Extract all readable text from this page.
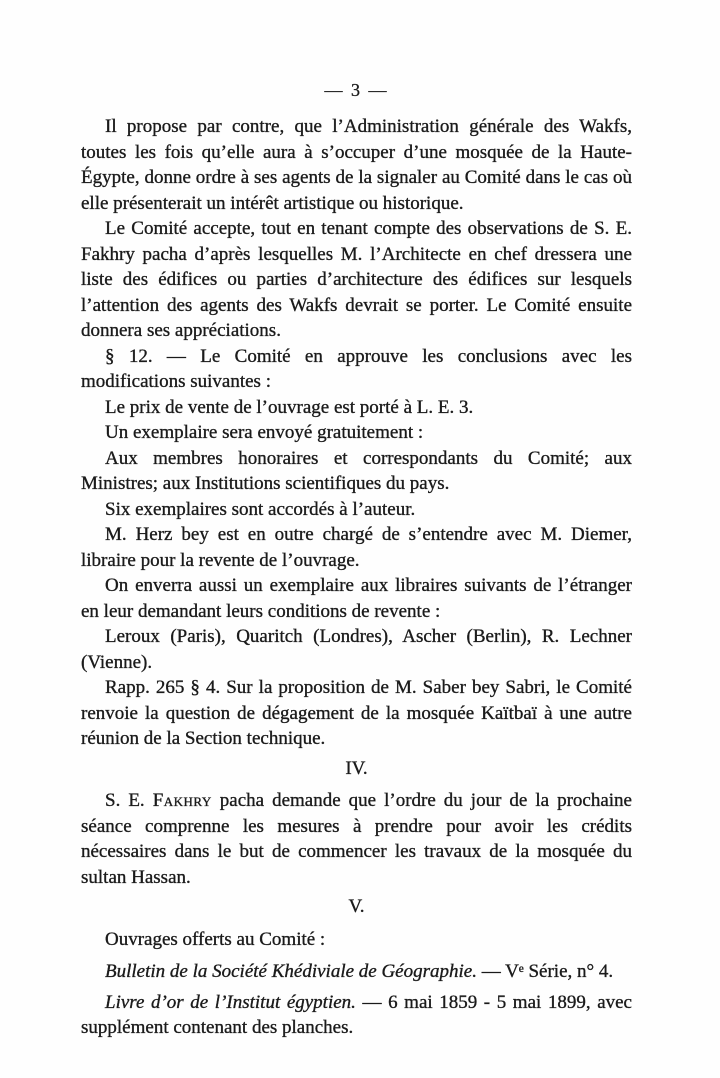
— 3 —

Il propose par contre, que l’Administration générale des Wakfs, toutes les fois qu’elle aura à s’occuper d’une mosquée de la Haute-Égypte, donne ordre à ses agents de la signaler au Comité dans le cas où elle présenterait un intérêt artistique ou historique.

Le Comité accepte, tout en tenant compte des observations de S. E. Fakhry pacha d’après lesquelles M. l’Architecte en chef dressera une liste des édifices ou parties d’architecture des édifices sur lesquels l’attention des agents des Wakfs devrait se porter. Le Comité ensuite donnera ses appréciations.

§ 12. — Le Comité en approuve les conclusions avec les modifications suivantes :

Le prix de vente de l’ouvrage est porté à L. E. 3.

Un exemplaire sera envoyé gratuitement :

Aux membres honoraires et correspondants du Comité; aux Ministres; aux Institutions scientifiques du pays.

Six exemplaires sont accordés à l’auteur.

M. Herz bey est en outre chargé de s’entendre avec M. Diemer, libraire pour la revente de l’ouvrage.

On enverra aussi un exemplaire aux libraires suivants de l’étranger en leur demandant leurs conditions de revente :

Leroux (Paris), Quaritch (Londres), Ascher (Berlin), R. Lechner (Vienne).

Rapp. 265 § 4. Sur la proposition de M. Saber bey Sabri, le Comité renvoie la question de dégagement de la mosquée Kaïtbaï à une autre réunion de la Section technique.

IV.

S. E. Fakhry pacha demande que l’ordre du jour de la prochaine séance comprenne les mesures à prendre pour avoir les crédits nécessaires dans le but de commencer les travaux de la mosquée du sultan Hassan.

V.

Ouvrages offerts au Comité :

Bulletin de la Société Khédiviale de Géographie. — Vᵉ Série, n° 4.

Livre d’or de l’Institut égyptien. — 6 mai 1859 - 5 mai 1899, avec supplément contenant des planches.
